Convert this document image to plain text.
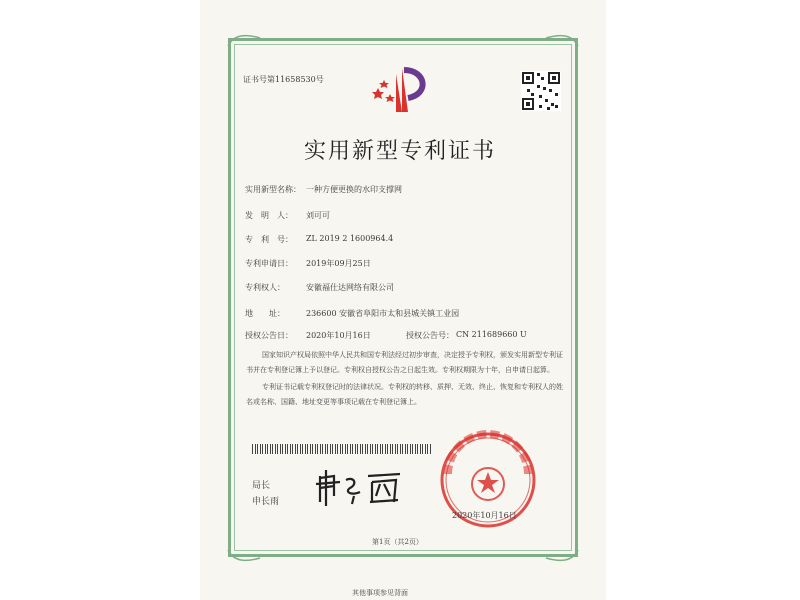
证书号第11658530号
实用新型专利证书
实用新型名称： 一种方便更换的水印支撑网
发　明　人： 刘可可
专　利　号： ZL 2019 2 1600964.4
专利申请日： 2019年09月25日
专利权人：	安徽福仕达网络有限公司
地　　址：	236600 安徽省阜阳市太和县城关镇工业园
授权公告日： 2020年10月16日	授权公告号： CN 211689660 U
国家知识产权局依照中华人民共和国专利法经过初步审查，决定授予专利权，颁发实用新型专利证书并在专利登记簿上予以登记。专利权自授权公告之日起生效。专利权期限为十年，自申请日起算。
专利证书记载专利权登记时的法律状况。专利权的转移、质押、无效、终止、恢复和专利权人的姓名或名称、国籍、地址变更等事项记载在专利登记簿上。
局长
申长雨
2020年10月16日
第1页（共2页）
其他事项参见背面
